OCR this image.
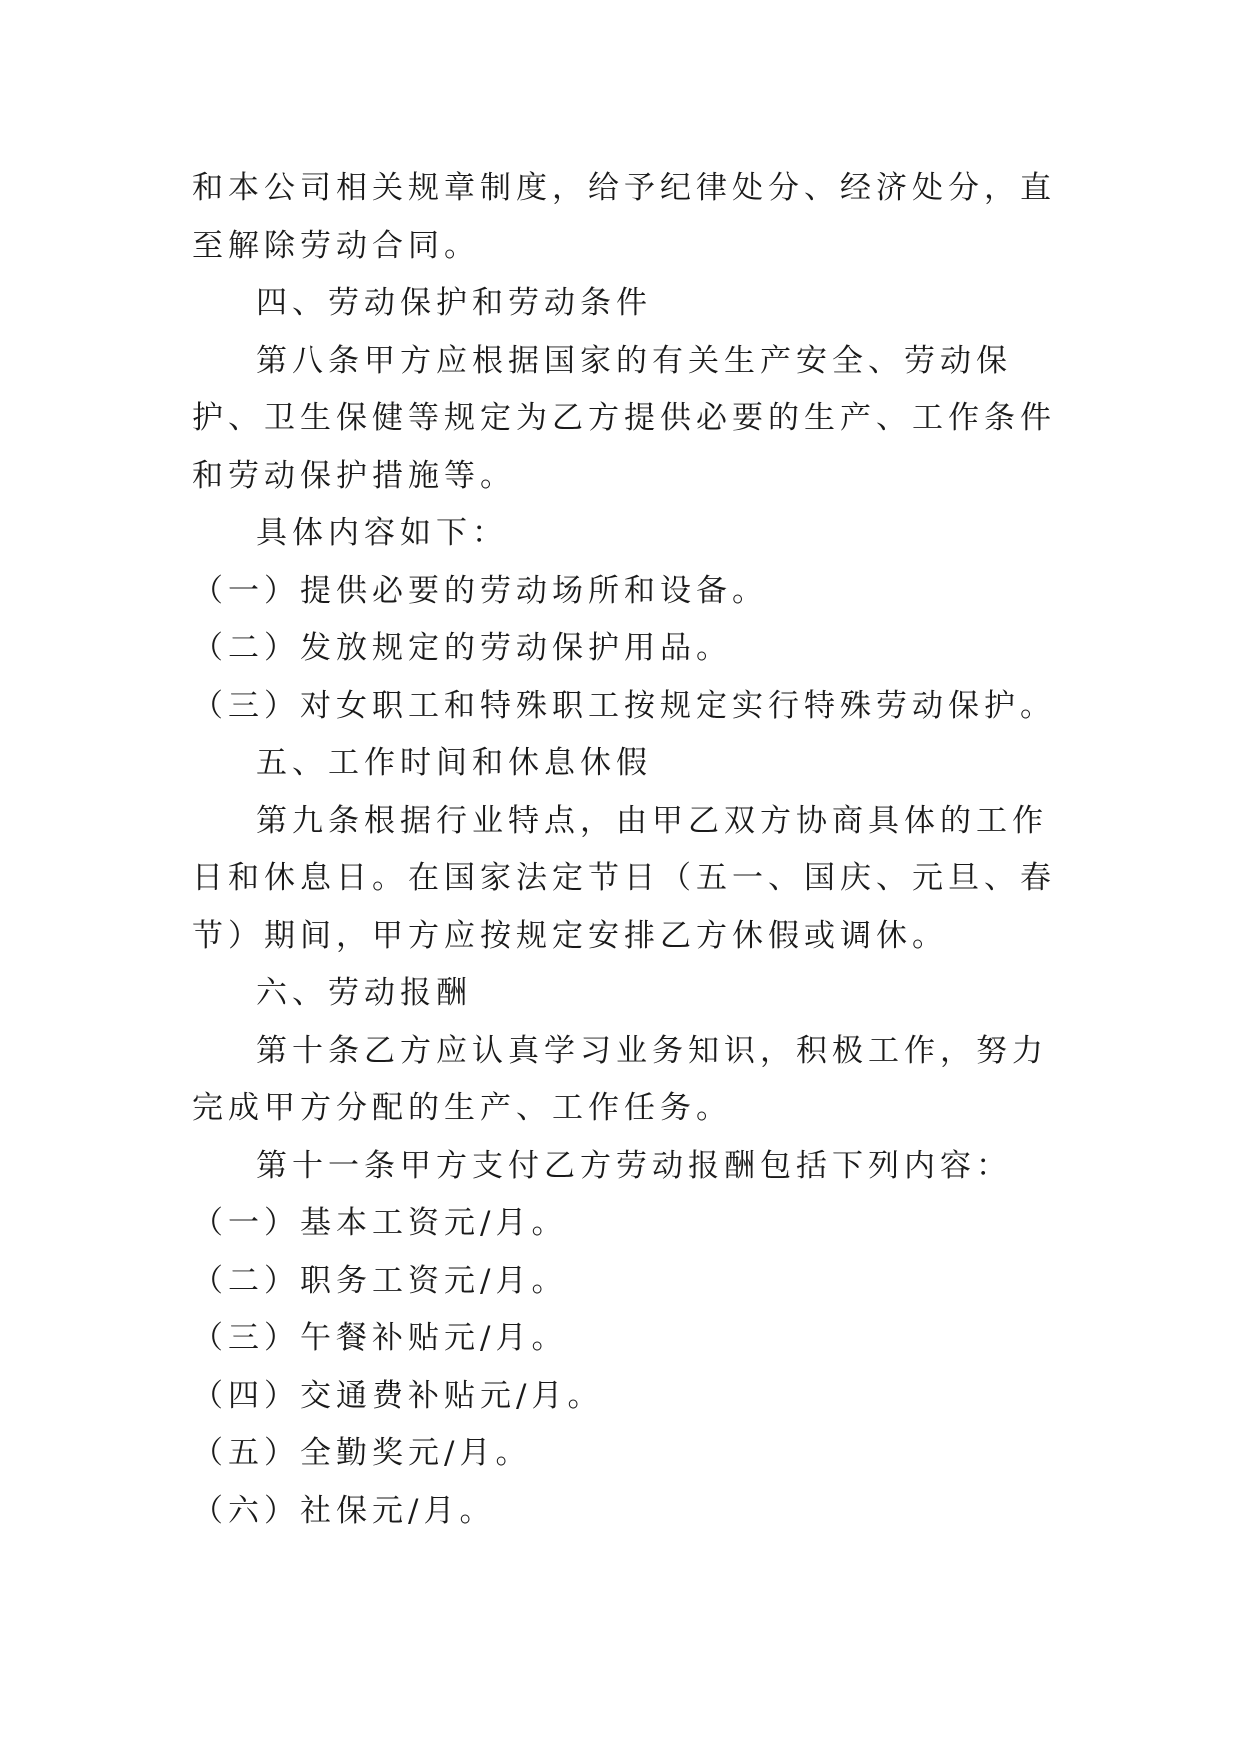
和本公司相关规章制度，给予纪律处分、经济处分，直至解除劳动合同。

四、劳动保护和劳动条件

第八条甲方应根据国家的有关生产安全、劳动保护、卫生保健等规定为乙方提供必要的生产、工作条件和劳动保护措施等。

具体内容如下：

（一）提供必要的劳动场所和设备。

（二）发放规定的劳动保护用品。

（三）对女职工和特殊职工按规定实行特殊劳动保护。

五、工作时间和休息休假

第九条根据行业特点，由甲乙双方协商具体的工作日和休息日。在国家法定节日（五一、国庆、元旦、春节）期间，甲方应按规定安排乙方休假或调休。

六、劳动报酬

第十条乙方应认真学习业务知识，积极工作，努力完成甲方分配的生产、工作任务。

第十一条甲方支付乙方劳动报酬包括下列内容：

（一）基本工资元/月。

（二）职务工资元/月。

（三）午餐补贴元/月。

（四）交通费补贴元/月。

（五）全勤奖元/月。

（六）社保元/月。
